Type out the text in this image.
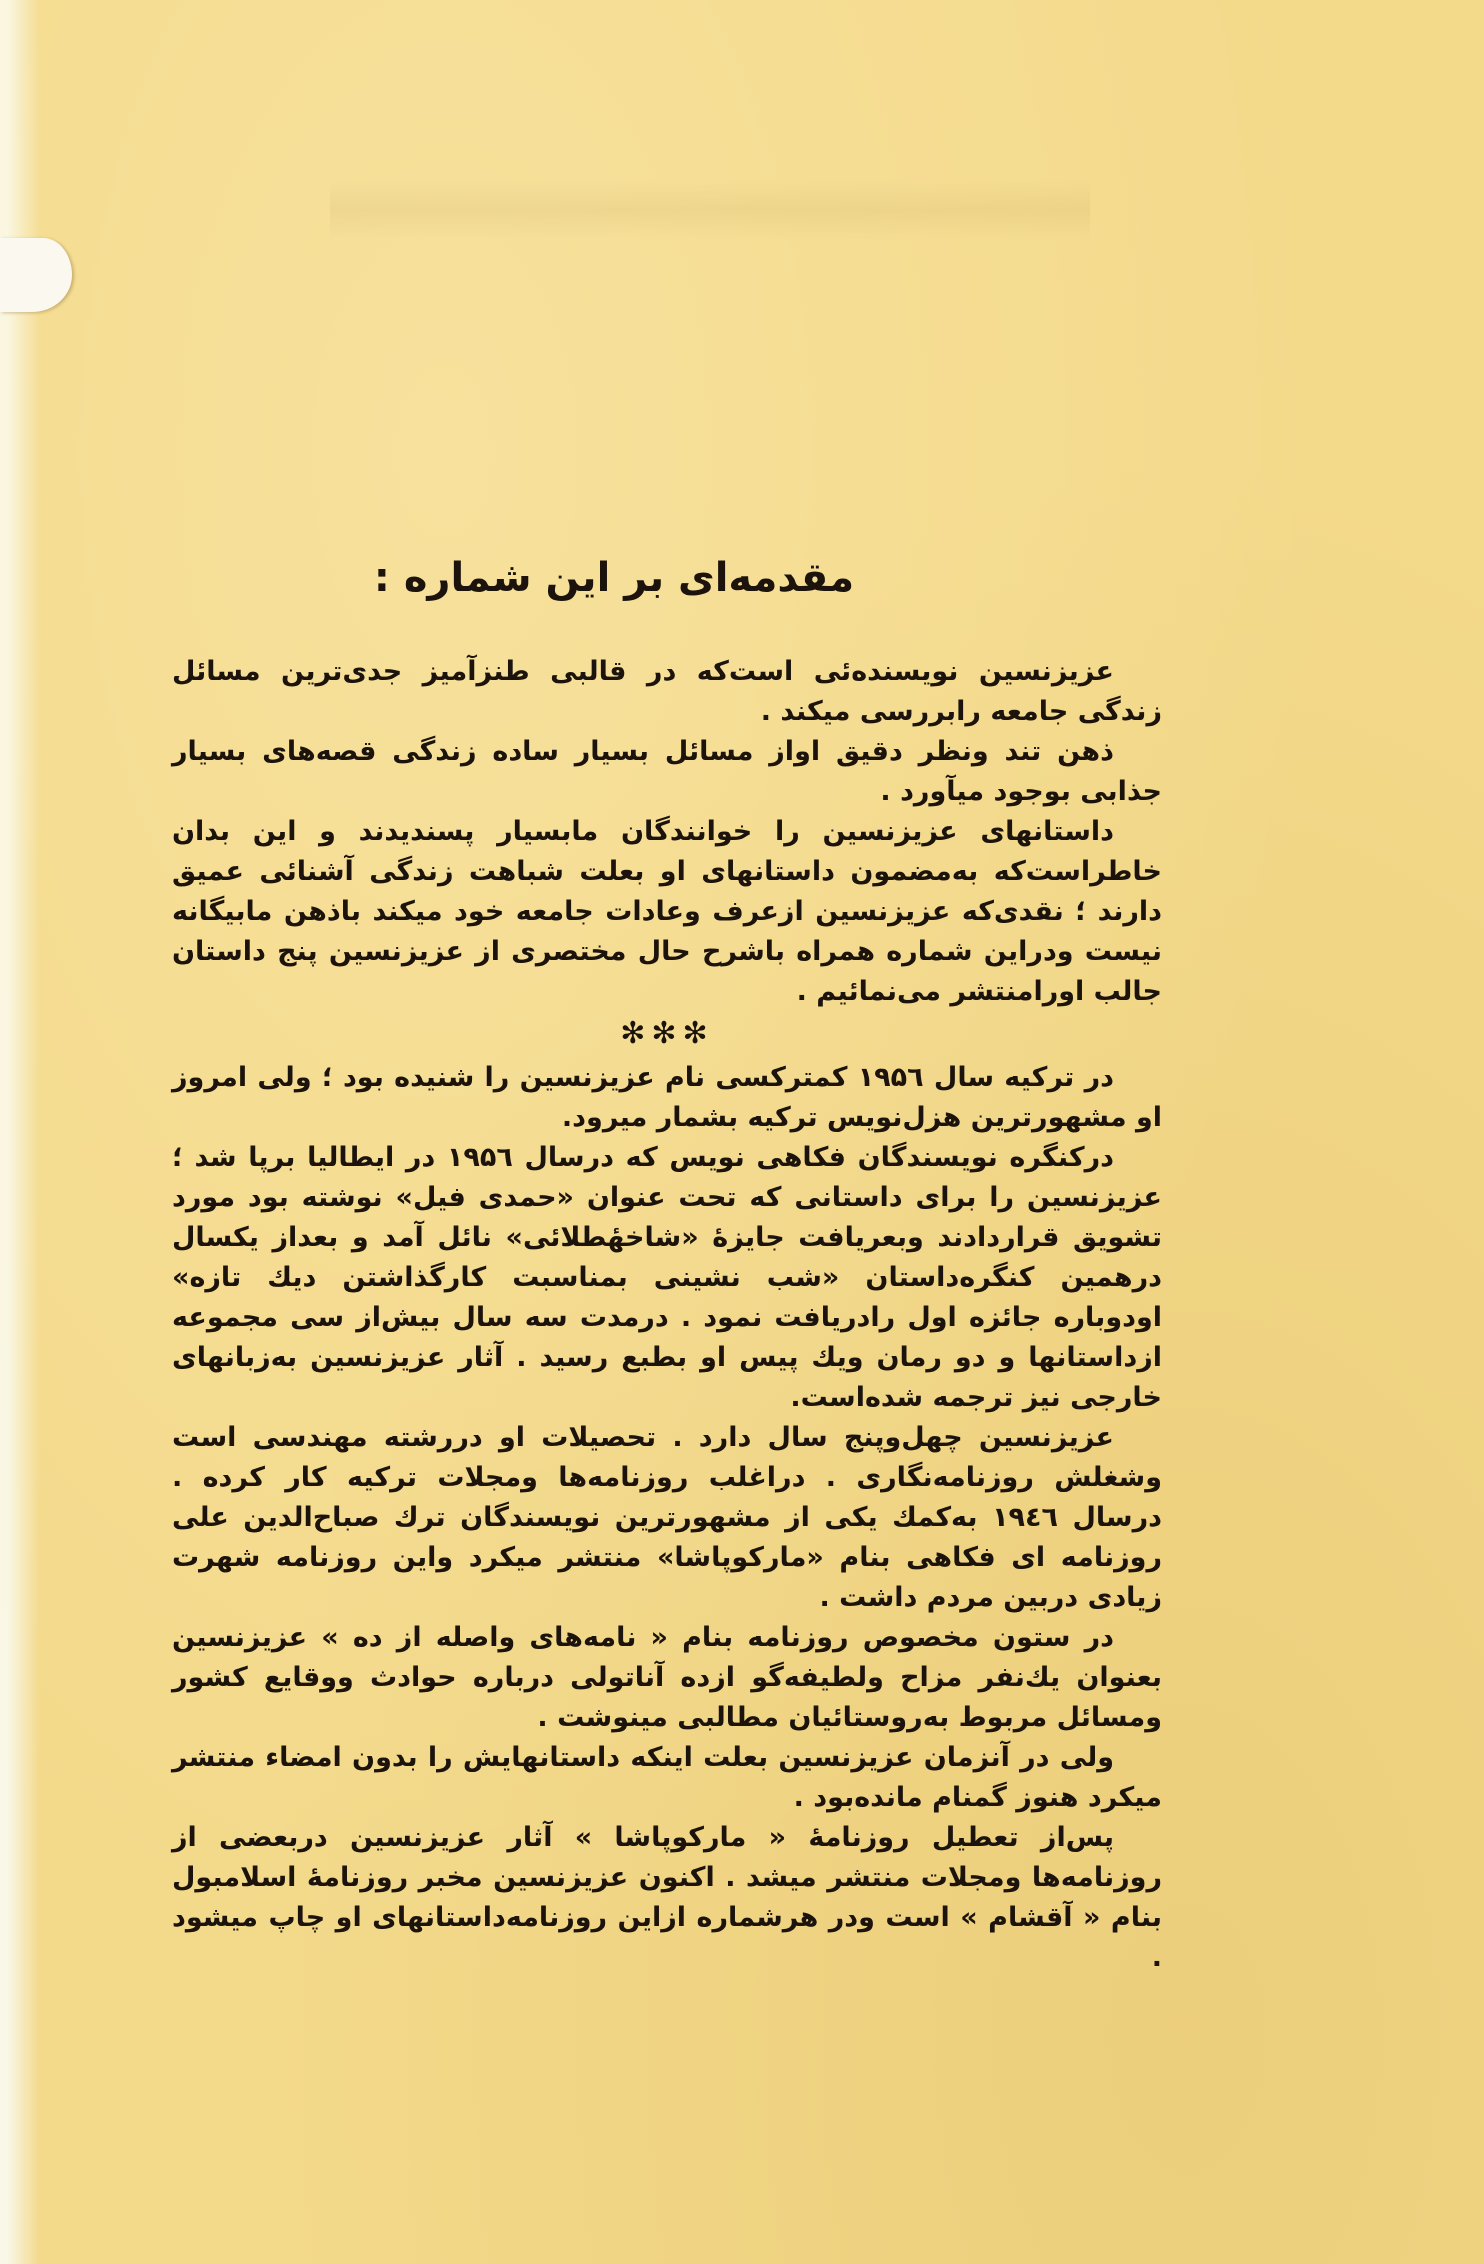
مقدمه‌ای بر این شماره :

عزیزنسین نویسنده‌ئی است‌که در قالبی طنزآمیز جدی‌ترین مسائل زندگی جامعه رابررسی میکند .

ذهن تند ونظر دقیق اواز مسائل بسیار ساده زندگی قصه‌های بسیار جذابی بوجود میآورد .

داستانهای عزیزنسین را خوانندگان مابسیار پسندیدند و این بدان خاطراست‌که به‌مضمون داستانهای او بعلت شباهت زندگی آشنائی عمیق دارند ؛ نقدی‌که عزیزنسین ازعرف وعادات جامعه خود میکند باذهن مابیگانه نیست ودراین شماره همراه باشرح حال مختصری از عزیزنسین پنج داستان جالب اورامنتشر می‌نمائیم .

✻✻✻

در ترکیه سال ۱۹۵٦ کمترکسی نام عزیزنسین را شنیده بود ؛ ولی امروز او مشهورترین هزل‌نویس ترکیه بشمار میرود.

درکنگره نویسندگان فکاهی نویس که درسال ۱۹۵٦ در ایطالیا برپا شد ؛ عزیزنسین را برای داستانی که تحت عنوان «حمدی فیل» نوشته بود مورد تشویق قراردادند وبعریافت جایزهٔ «شاخهٔطلائی» نائل آمد و بعداز یکسال درهمین کنگره‌داستان «شب نشینی بمناسبت کارگذاشتن دیك تازه» اودوباره جائزه اول رادریافت نمود . درمدت سه سال بیش‌از سی مجموعه ازداستانها و دو رمان ویك پیس او بطبع رسید . آثار عزیزنسین به‌زبانهای خارجی نیز ترجمه شده‌است.

عزیزنسین چهل‌وپنج سال دارد . تحصیلات او دررشته مهندسی است وشغلش روزنامه‌نگاری . دراغلب روزنامه‌ها ومجلات ترکیه کار کرده . درسال ۱۹٤٦ به‌کمك یکی از مشهورترین نویسندگان ترك صباح‌الدین علی روزنامه ای فکاهی بنام «مارکوپاشا» منتشر میکرد واین روزنامه شهرت زیادی دربین مردم داشت .

در ستون مخصوص روزنامه بنام « نامه‌های واصله از ده » عزیزنسین بعنوان یك‌نفر مزاح ولطیفه‌گو ازده آناتولی درباره حوادث ووقایع کشور ومسائل مربوط به‌روستائیان مطالبی مینوشت .

ولی در آنزمان عزیزنسین بعلت اینکه داستانهایش را بدون امضاء منتشر میکرد هنوز گمنام مانده‌بود .

پس‌از تعطیل روزنامهٔ « مارکوپاشا » آثار عزیزنسین دربعضی از روزنامه‌ها ومجلات منتشر میشد . اکنون عزیزنسین مخبر روزنامهٔ اسلامبول بنام « آقشام » است ودر هرشماره ازاین روزنامه‌داستانهای او چاپ میشود .
